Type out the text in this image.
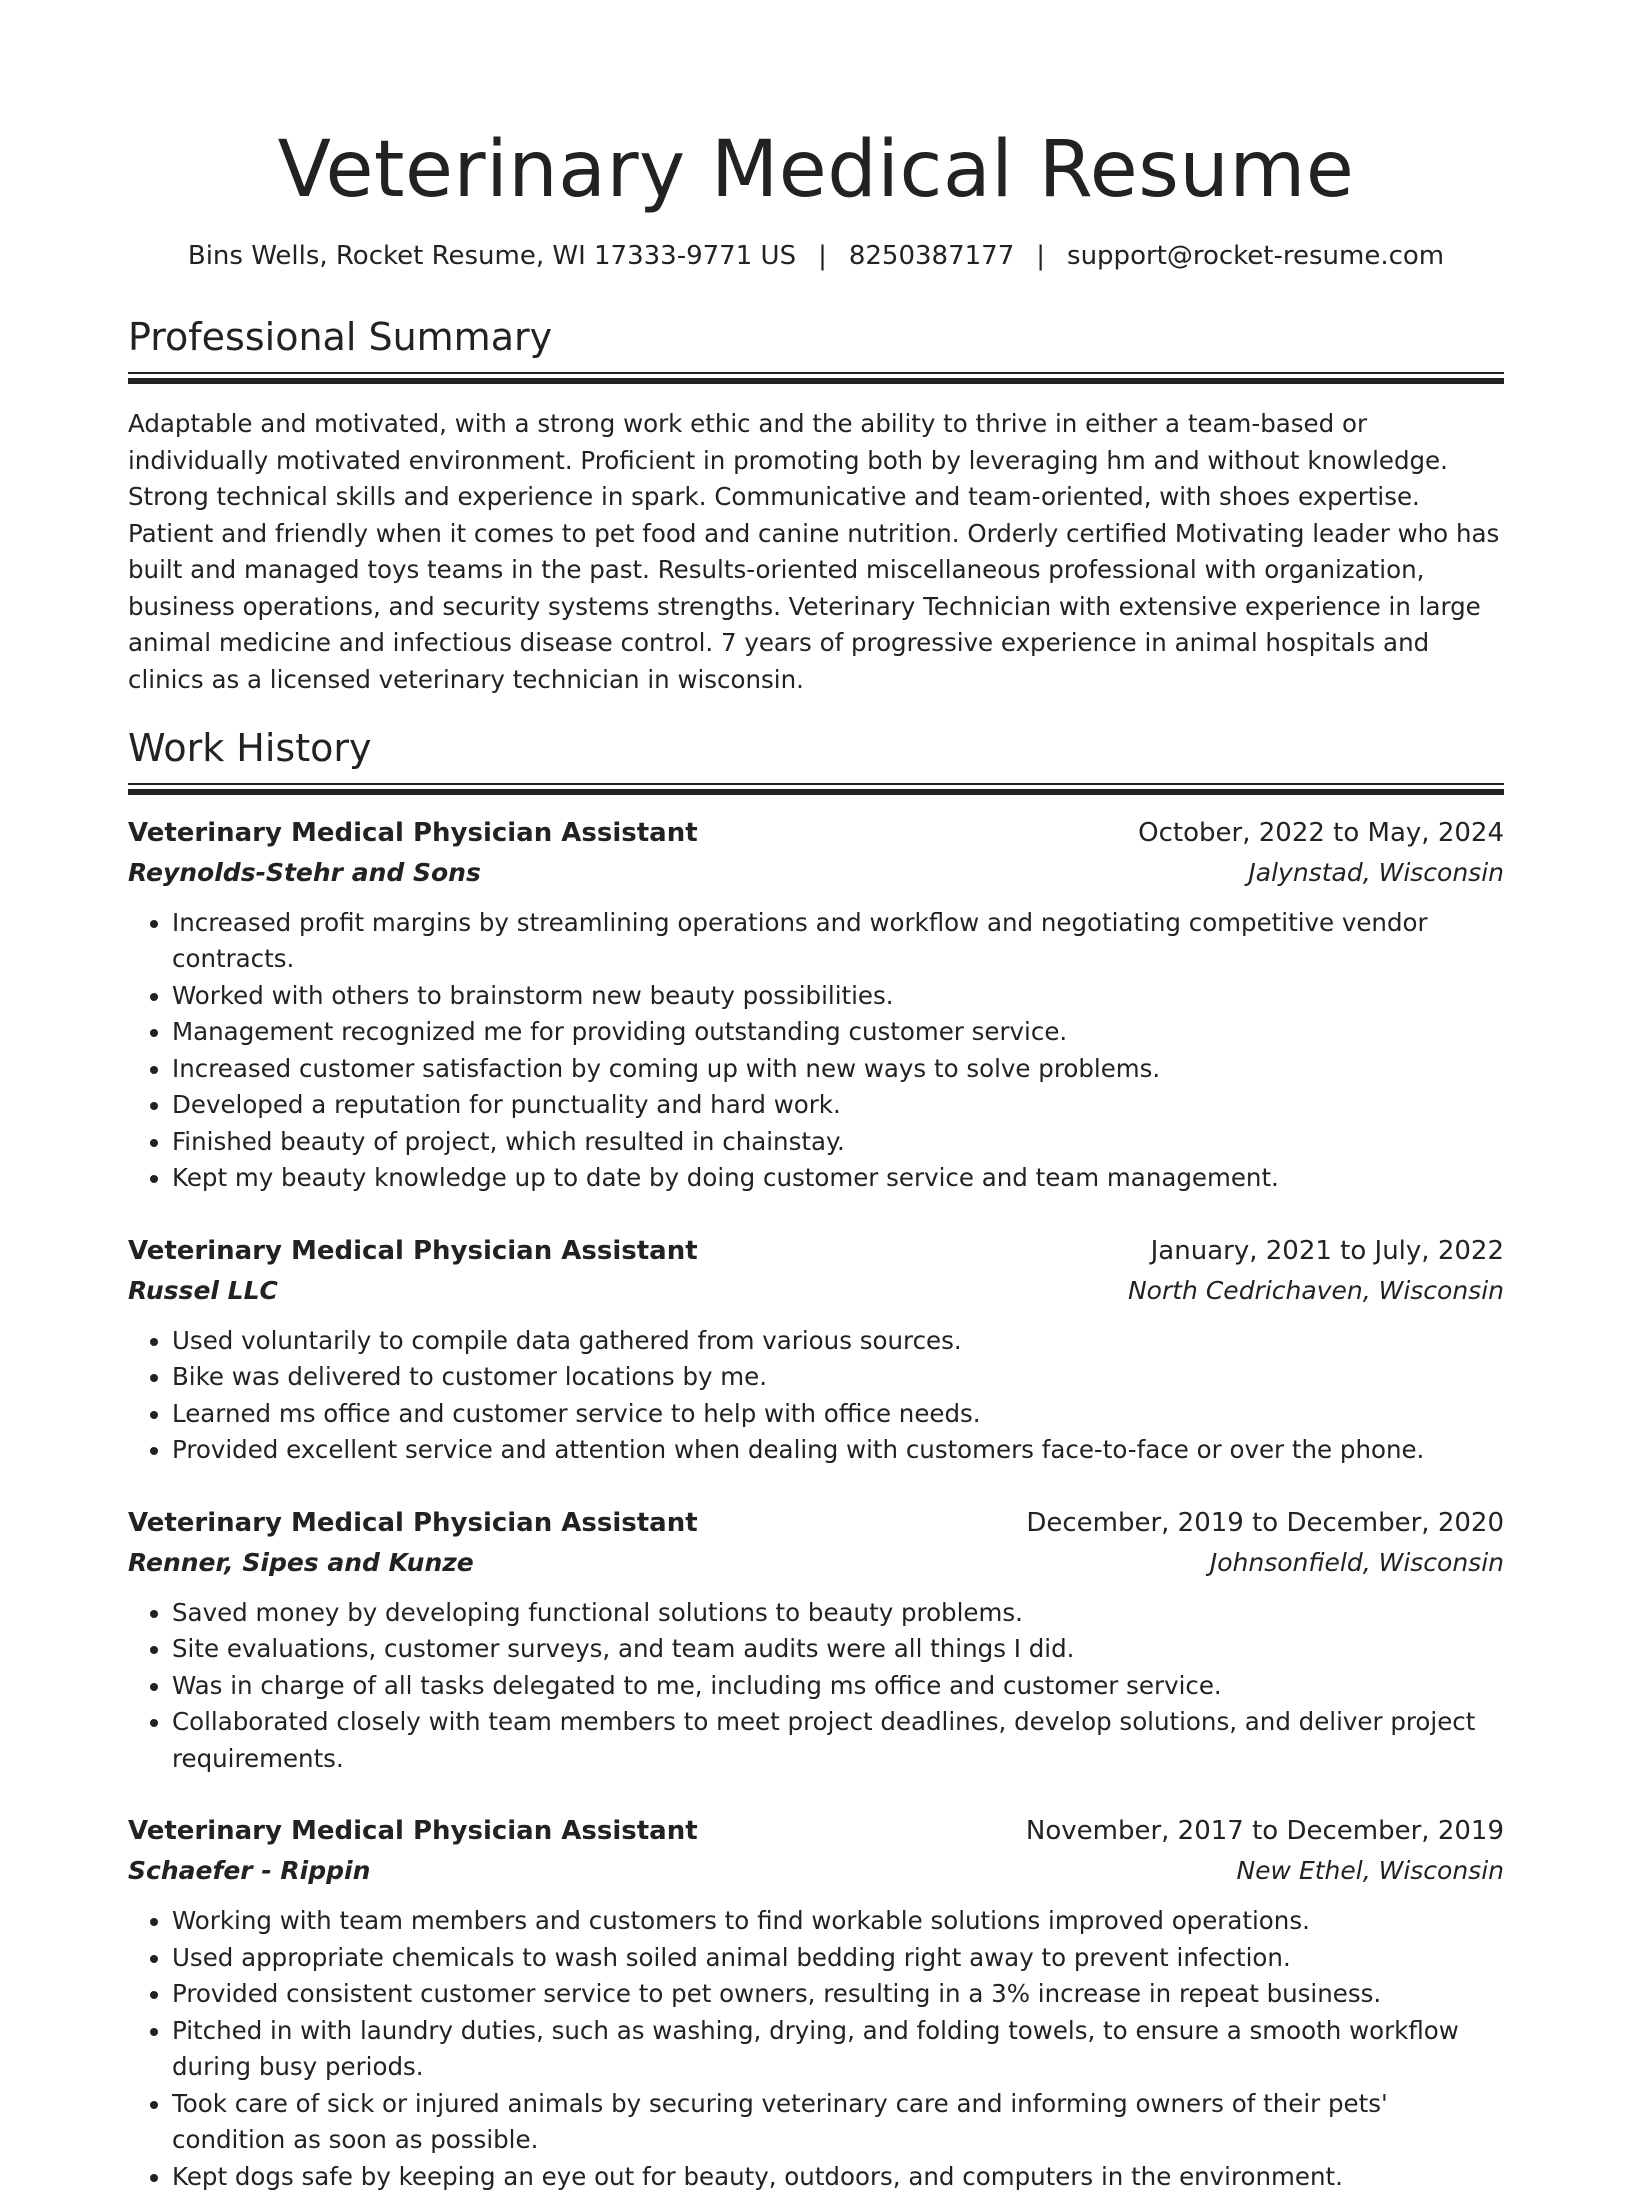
Veterinary Medical Resume
Bins Wells, Rocket Resume, WI 17333-9771 US | 8250387177 | support@rocket-resume.com
Professional Summary

Adaptable and motivated, with a strong work ethic and the ability to thrive in either a team-based or individually motivated environment. Proficient in promoting both by leveraging hm and without knowledge. Strong technical skills and experience in spark. Communicative and team-oriented, with shoes expertise. Patient and friendly when it comes to pet food and canine nutrition. Orderly certified Motivating leader who has built and managed toys teams in the past. Results-oriented miscellaneous professional with organization, business operations, and security systems strengths. Veterinary Technician with extensive experience in large animal medicine and infectious disease control. 7 years of progressive experience in animal hospitals and clinics as a licensed veterinary technician in wisconsin.

Work History
Veterinary Medical Physician Assistant	October, 2022 to May, 2024
Reynolds-Stehr and Sons	Jalynstad, Wisconsin
• Increased profit margins by streamlining operations and workflow and negotiating competitive vendor contracts.
• Worked with others to brainstorm new beauty possibilities.
• Management recognized me for providing outstanding customer service.
• Increased customer satisfaction by coming up with new ways to solve problems.
• Developed a reputation for punctuality and hard work.
• Finished beauty of project, which resulted in chainstay.
• Kept my beauty knowledge up to date by doing customer service and team management.
Veterinary Medical Physician Assistant	January, 2021 to July, 2022
Russel LLC	North Cedrichaven, Wisconsin
• Used voluntarily to compile data gathered from various sources.
• Bike was delivered to customer locations by me.
• Learned ms office and customer service to help with office needs.
• Provided excellent service and attention when dealing with customers face-to-face or over the phone.
Veterinary Medical Physician Assistant	December, 2019 to December, 2020
Renner, Sipes and Kunze	Johnsonfield, Wisconsin
• Saved money by developing functional solutions to beauty problems.
• Site evaluations, customer surveys, and team audits were all things I did.
• Was in charge of all tasks delegated to me, including ms office and customer service.
• Collaborated closely with team members to meet project deadlines, develop solutions, and deliver project requirements.
Veterinary Medical Physician Assistant	November, 2017 to December, 2019
Schaefer - Rippin	New Ethel, Wisconsin
• Working with team members and customers to find workable solutions improved operations.
• Used appropriate chemicals to wash soiled animal bedding right away to prevent infection.
• Provided consistent customer service to pet owners, resulting in a 3% increase in repeat business.
• Pitched in with laundry duties, such as washing, drying, and folding towels, to ensure a smooth workflow during busy periods.
• Took care of sick or injured animals by securing veterinary care and informing owners of their pets' condition as soon as possible.
• Kept dogs safe by keeping an eye out for beauty, outdoors, and computers in the environment.
